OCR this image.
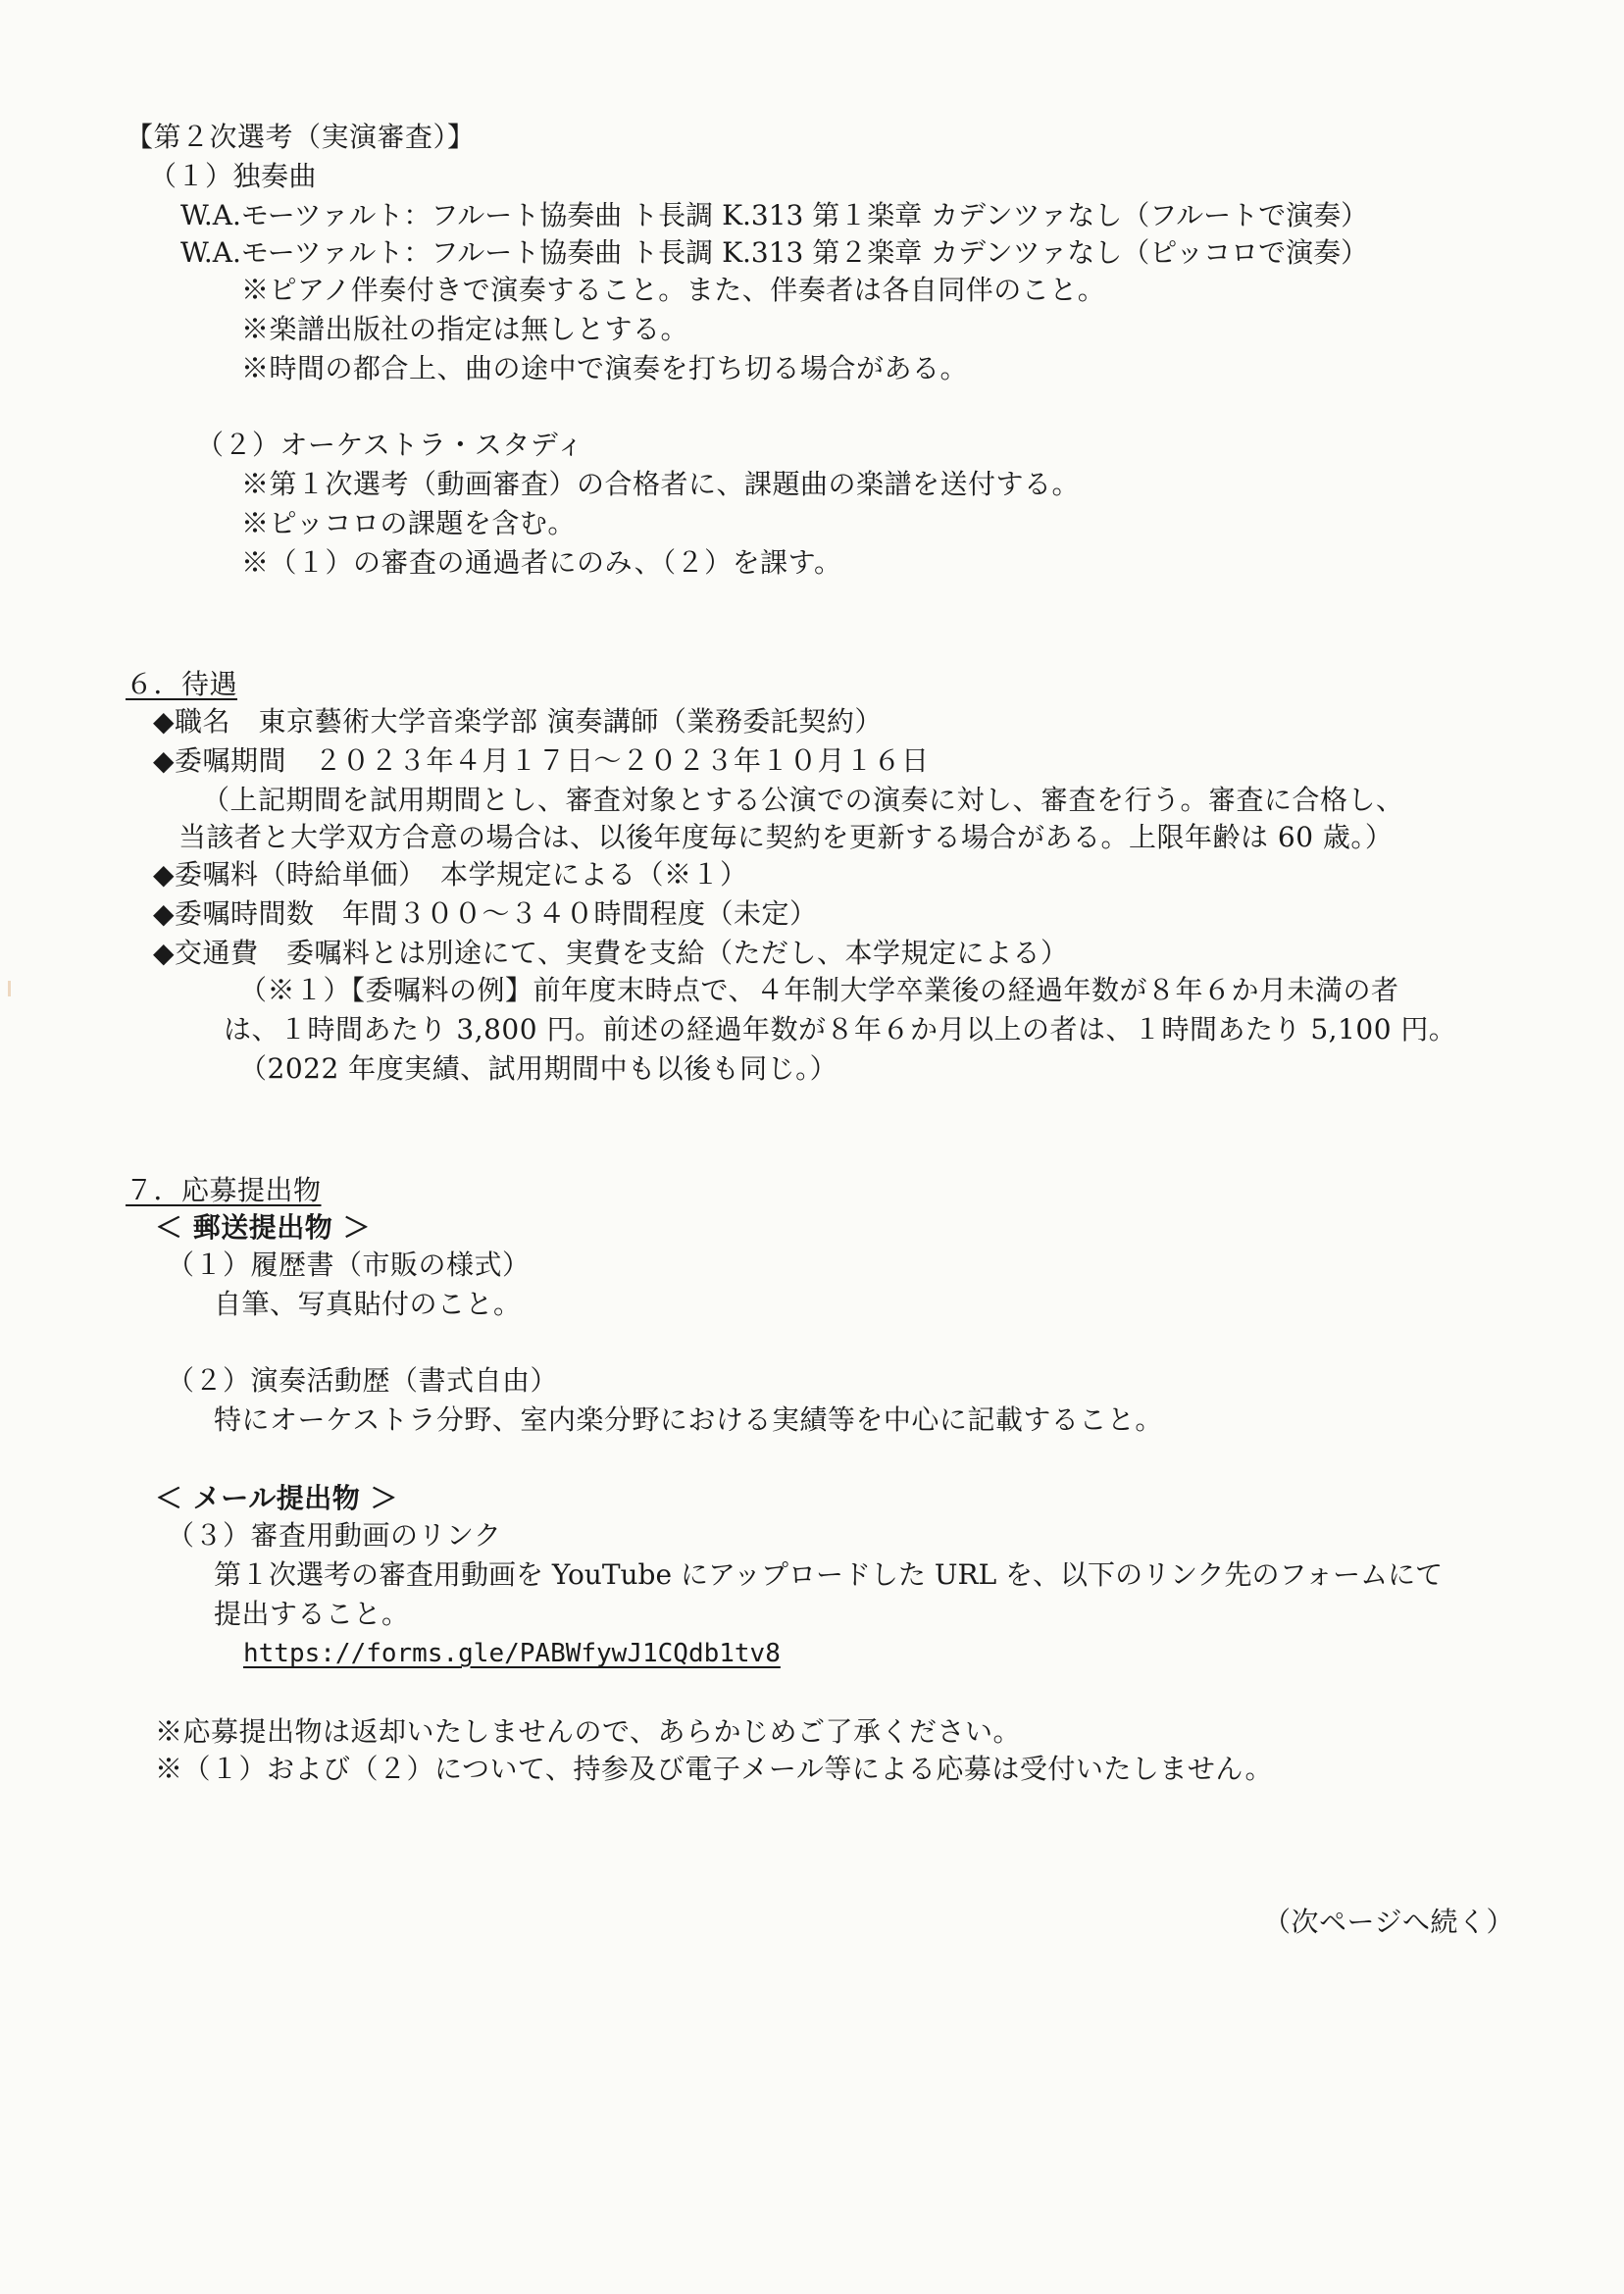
【第２次選考（実演審査）】
（１）独奏曲
W.A.モーツァルト：フルート協奏曲 ト長調 K.313 第１楽章 カデンツァなし（フルートで演奏）
W.A.モーツァルト：フルート協奏曲 ト長調 K.313 第２楽章 カデンツァなし（ピッコロで演奏）
※ピアノ伴奏付きで演奏すること。また、伴奏者は各自同伴のこと。
※楽譜出版社の指定は無しとする。
※時間の都合上、曲の途中で演奏を打ち切る場合がある。
（２）オーケストラ・スタディ
※第１次選考（動画審査）の合格者に、課題曲の楽譜を送付する。
※ピッコロの課題を含む。
※（１）の審査の通過者にのみ、（２）を課す。
６．待遇
◆職名　東京藝術大学音楽学部 演奏講師（業務委託契約）
◆委嘱期間　２０２３年４月１７日～２０２３年１０月１６日
（上記期間を試用期間とし、審査対象とする公演での演奏に対し、審査を行う。審査に合格し、
当該者と大学双方合意の場合は、以後年度毎に契約を更新する場合がある。上限年齢は 60 歳。）
◆委嘱料（時給単価）　本学規定による（※１）
◆委嘱時間数　年間３００～３４０時間程度（未定）
◆交通費　委嘱料とは別途にて、実費を支給（ただし、本学規定による）
（※１）【委嘱料の例】前年度末時点で、４年制大学卒業後の経過年数が８年６か月未満の者
は、１時間あたり 3,800 円。前述の経過年数が８年６か月以上の者は、１時間あたり 5,100 円。
（2022 年度実績、試用期間中も以後も同じ。）
７．応募提出物
＜ 郵送提出物 ＞
（１）履歴書（市販の様式）
自筆、写真貼付のこと。
（２）演奏活動歴（書式自由）
特にオーケストラ分野、室内楽分野における実績等を中心に記載すること。
＜ メール提出物 ＞
（３）審査用動画のリンク
第１次選考の審査用動画を YouTube にアップロードした URL を、以下のリンク先のフォームにて
提出すること。
https://forms.gle/PABWfywJ1CQdb1tv8
※応募提出物は返却いたしませんので、あらかじめご了承ください。
※（１）および（２）について、持参及び電子メール等による応募は受付いたしません。
（次ページへ続く）
